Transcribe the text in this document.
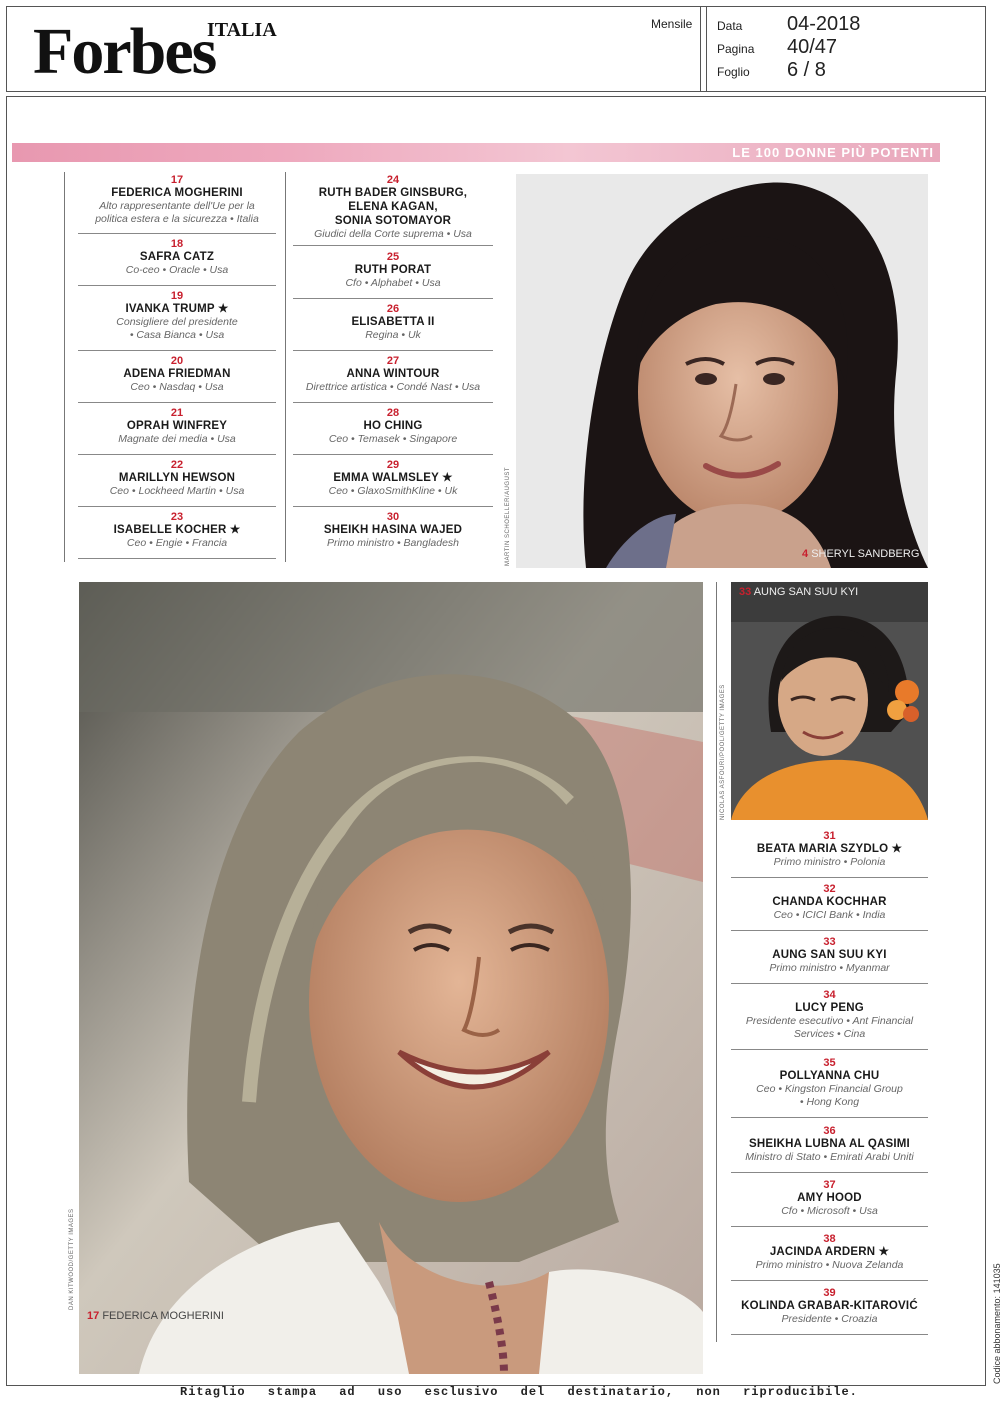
Forbes
ITALIA	Mensile Data 04-2018
Pagina 40/47
Foglio 6 / 8
LE 100 DONNE PIÙ POTENTI
17
FEDERICA MOGHERINI
Alto rappresentante dell'Ue per la
politica estera e la sicurezza • Italia
18
SAFRA CATZ
Co-ceo • Oracle • Usa
19
IVANKA TRUMP ★
Consigliere del presidente
• Casa Bianca • Usa
20
ADENA FRIEDMAN
Ceo • Nasdaq • Usa
21
OPRAH WINFREY
Magnate dei media • Usa
22
MARILLYN HEWSON
Ceo • Lockheed Martin • Usa
23
ISABELLE KOCHER ★
Ceo • Engie • Francia
24
RUTH BADER GINSBURG,
ELENA KAGAN,
SONIA SOTOMAYOR
Giudici della Corte suprema • Usa
25
RUTH PORAT
Cfo • Alphabet • Usa
26
ELISABETTA II
Regina • Uk
27
ANNA WINTOUR
Direttrice artistica • Condé Nast • Usa
28
HO CHING
Ceo • Temasek • Singapore
29
EMMA WALMSLEY ★
Ceo • GlaxoSmithKline • Uk
30
SHEIKH HASINA WAJED
Primo ministro • Bangladesh
4 SHERYL SANDBERG
MARTIN SCHOELLER/AUGUST
17 FEDERICA MOGHERINI
DAN KITWOOD/GETTY IMAGES
33 AUNG SAN SUU KYI
NICOLAS ASFOURI/POOL/GETTY IMAGES
31
BEATA MARIA SZYDLO ★
Primo ministro • Polonia
32
CHANDA KOCHHAR
Ceo • ICICI Bank • India
33
AUNG SAN SUU KYI
Primo ministro • Myanmar
34
LUCY PENG
Presidente esecutivo • Ant Financial
Services • Cina
35
POLLYANNA CHU
Ceo • Kingston Financial Group
• Hong Kong
36
SHEIKHA LUBNA AL QASIMI
Ministro di Stato • Emirati Arabi Uniti
37
AMY HOOD
Cfo • Microsoft • Usa
38
JACINDA ARDERN ★
Primo ministro • Nuova Zelanda
39
KOLINDA GRABAR-KITAROVIĆ
Presidente • Croazia
Ritaglio stampa ad uso esclusivo del destinatario, non riproducibile.
Codice abbonamento: 141035
